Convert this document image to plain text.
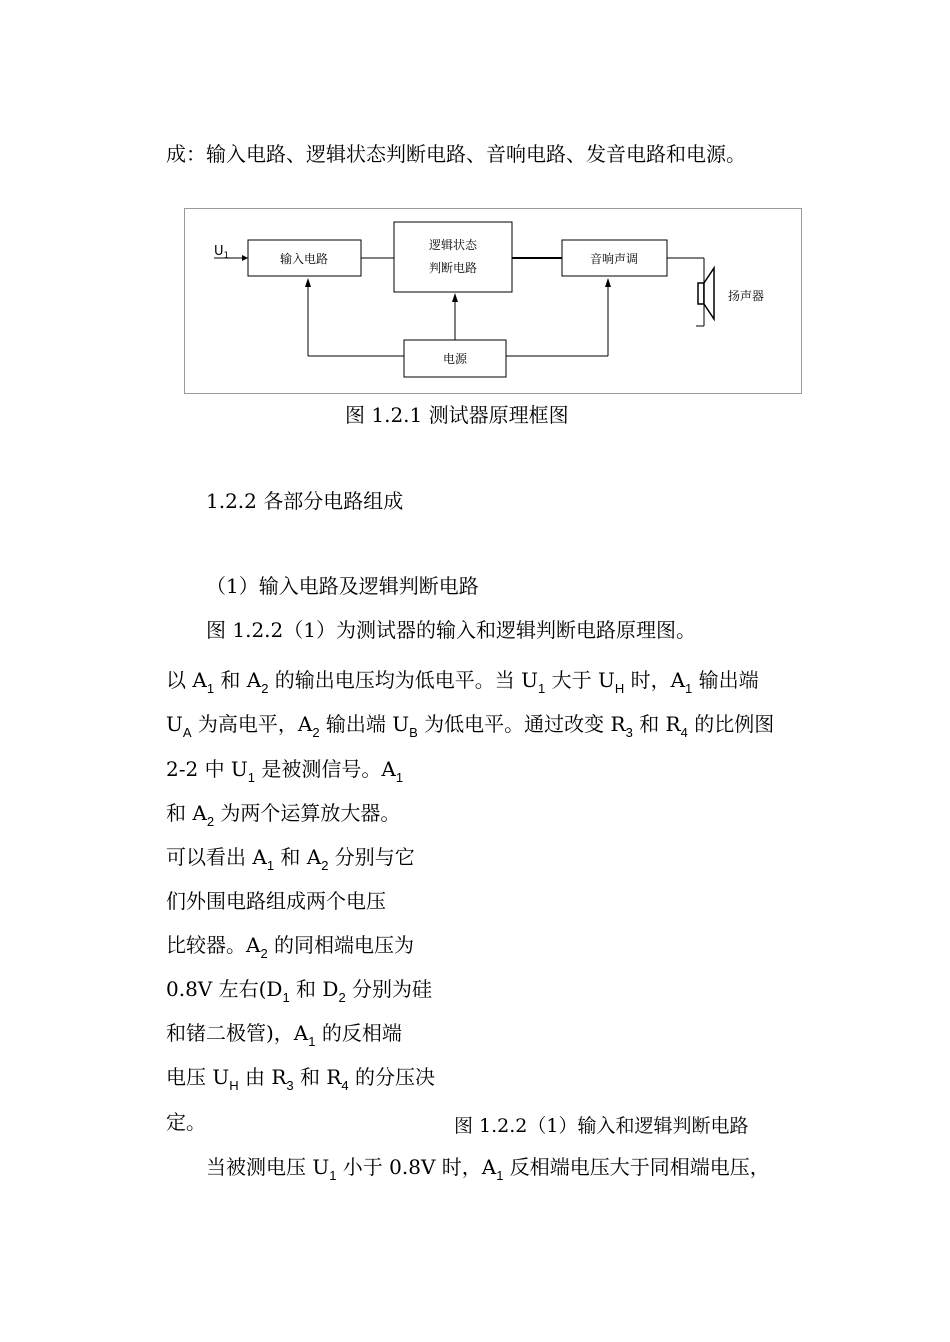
成：输入电路、逻辑状态判断电路、音响电路、发音电路和电源。
$U_1$	输入电路
逻辑状态
判断电路
音响声调
扬声器
电源
图 1.2.1 测试器原理框图
1.2.2 各部分电路组成
（1）输入电路及逻辑判断电路
图 1.2.2（1）为测试器的输入和逻辑判断电路原理图。
以 $A_1$ 和 $A_2$ 的输出电压均为低电平。当 $U_1$ 大于 $U_H$ 时，$A_1$ 输出端
$U_A$ 为高电平，$A_2$ 输出端 $U_B$ 为低电平。通过改变 $R_3$ 和 $R_4$ 的比例图
2-2 中 $U_1$ 是被测信号。$A_1$
和 $A_2$ 为两个运算放大器。
可以看出 $A_1$ 和 $A_2$ 分别与它
们外围电路组成两个电压
比较器。$A_2$ 的同相端电压为
0.8V 左右($D_1$ 和 $D_2$ 分别为硅
和锗二极管)，$A_1$ 的反相端
电压 $U_H$ 由 $R_3$ 和 $R_4$ 的分压决
定。	图 1.2.2（1）输入和逻辑判断电路
当被测电压 $U_1$ 小于 0.8V 时，$A_1$ 反相端电压大于同相端电压，
